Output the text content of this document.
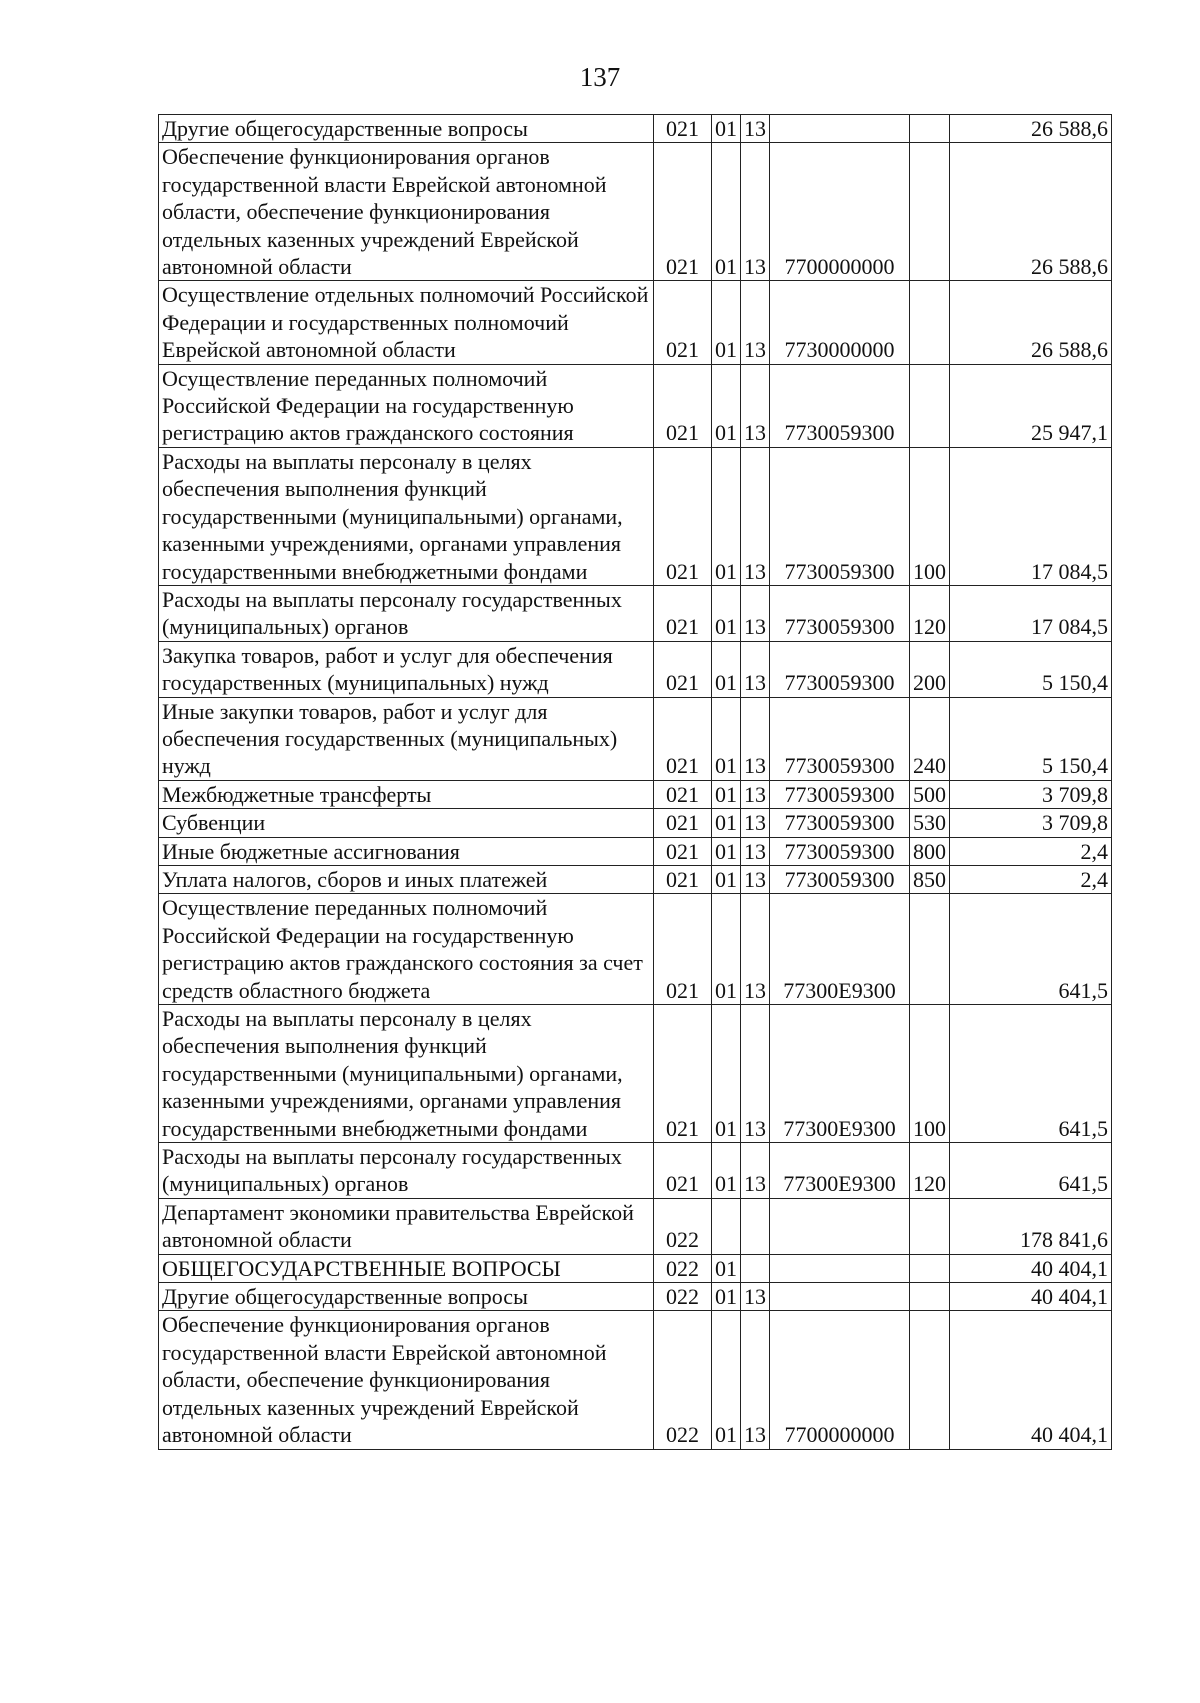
137
Другие общегосударственные вопросы	021	01	13			26 588,6
Обеспечение функционирования органов государственной власти Еврейской автономной области, обеспечение функционирования отдельных казенных учреждений Еврейской автономной области	021	01	13	7700000000		26 588,6
Осуществление отдельных полномочий Российской Федерации и государственных полномочий Еврейской автономной области	021	01	13	7730000000		26 588,6
Осуществление переданных полномочий Российской Федерации на государственную регистрацию актов гражданского состояния	021	01	13	7730059300		25 947,1
Расходы на выплаты персоналу в целях обеспечения выполнения функций государственными (муниципальными) органами, казенными учреждениями, органами управления государственными внебюджетными фондами	021	01	13	7730059300	100	17 084,5
Расходы на выплаты персоналу государственных (муниципальных) органов	021	01	13	7730059300	120	17 084,5
Закупка товаров, работ и услуг для обеспечения государственных (муниципальных) нужд	021	01	13	7730059300	200	5 150,4
Иные закупки товаров, работ и услуг для обеспечения государственных (муниципальных) нужд	021	01	13	7730059300	240	5 150,4
Межбюджетные трансферты	021	01	13	7730059300	500	3 709,8
Субвенции	021	01	13	7730059300	530	3 709,8
Иные бюджетные ассигнования	021	01	13	7730059300	800	2,4
Уплата налогов, сборов и иных платежей	021	01	13	7730059300	850	2,4
Осуществление переданных полномочий Российской Федерации на государственную регистрацию актов гражданского состояния за счет средств областного бюджета	021	01	13	77300E9300		641,5
Расходы на выплаты персоналу в целях обеспечения выполнения функций государственными (муниципальными) органами, казенными учреждениями, органами управления государственными внебюджетными фондами	021	01	13	77300E9300	100	641,5
Расходы на выплаты персоналу государственных (муниципальных) органов	021	01	13	77300E9300	120	641,5
Департамент экономики правительства Еврейской автономной области	022					178 841,6
ОБЩЕГОСУДАРСТВЕННЫЕ ВОПРОСЫ	022	01				40 404,1
Другие общегосударственные вопросы	022	01	13			40 404,1
Обеспечение функционирования органов государственной власти Еврейской автономной области, обеспечение функционирования отдельных казенных учреждений Еврейской автономной области	022	01	13	7700000000		40 404,1
